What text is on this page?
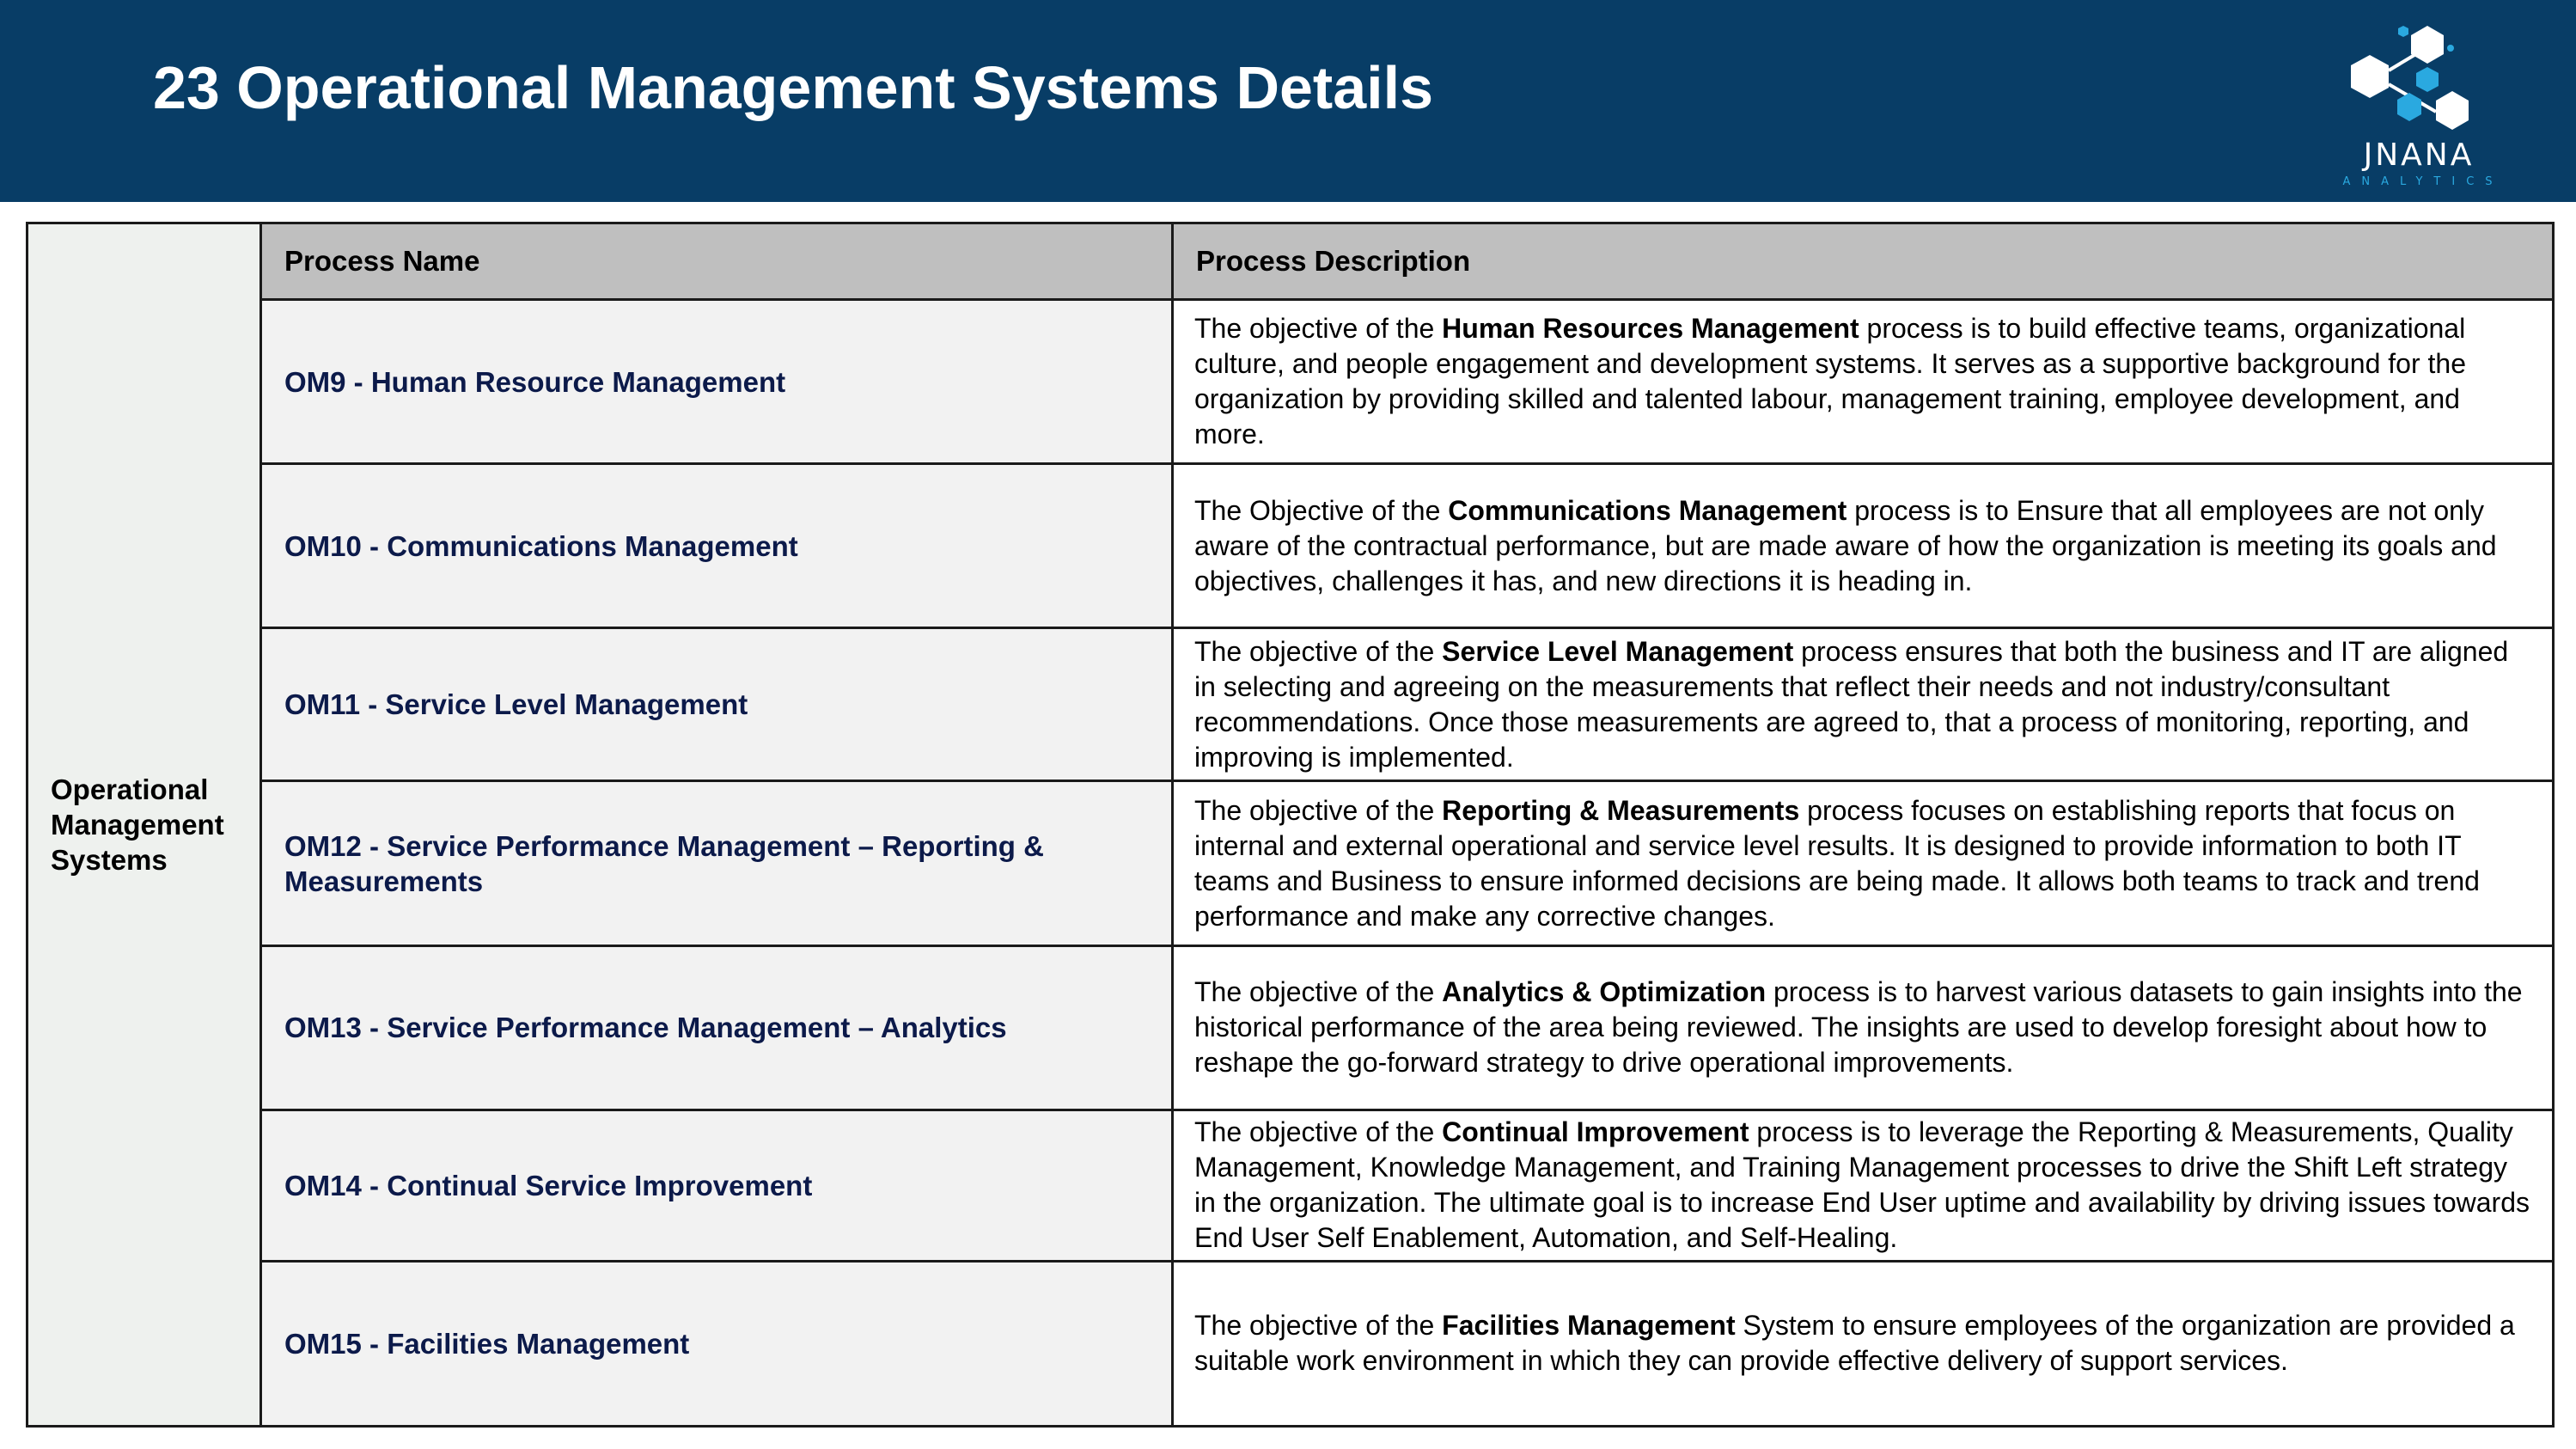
23 Operational Management Systems Details
JNANA
ANALYTICS
Operational Management Systems	Process Name	Process Description
	OM9 - Human Resource Management	The objective of the Human Resources Management process is to build effective teams, organizational culture, and people engagement and development systems. It serves as a supportive background for the organization by providing skilled and talented labour, management training, employee development, and more.
	OM10 - Communications Management	The Objective of the Communications Management process is to Ensure that all employees are not only aware of the contractual performance, but are made aware of how the organization is meeting its goals and objectives, challenges it has, and new directions it is heading in.
	OM11 - Service Level Management	The objective of the Service Level Management process ensures that both the business and IT are aligned in selecting and agreeing on the measurements that reflect their needs and not industry/consultant recommendations. Once those measurements are agreed to, that a process of monitoring, reporting, and improving is implemented.
	OM12 - Service Performance Management – Reporting & Measurements	The objective of the Reporting & Measurements process focuses on establishing reports that focus on internal and external operational and service level results. It is designed to provide information to both IT teams and Business to ensure informed decisions are being made. It allows both teams to track and trend performance and make any corrective changes.
	OM13 - Service Performance Management – Analytics	The objective of the Analytics & Optimization process is to harvest various datasets to gain insights into the historical performance of the area being reviewed. The insights are used to develop foresight about how to reshape the go-forward strategy to drive operational improvements.
	OM14 - Continual Service Improvement	The objective of the Continual Improvement process is to leverage the Reporting & Measurements, Quality Management, Knowledge Management, and Training Management processes to drive the Shift Left strategy in the organization. The ultimate goal is to increase End User uptime and availability by driving issues towards End User Self Enablement, Automation, and Self-Healing.
	OM15 - Facilities Management	The objective of the Facilities Management System to ensure employees of the organization are provided a suitable work environment in which they can provide effective delivery of support services.
